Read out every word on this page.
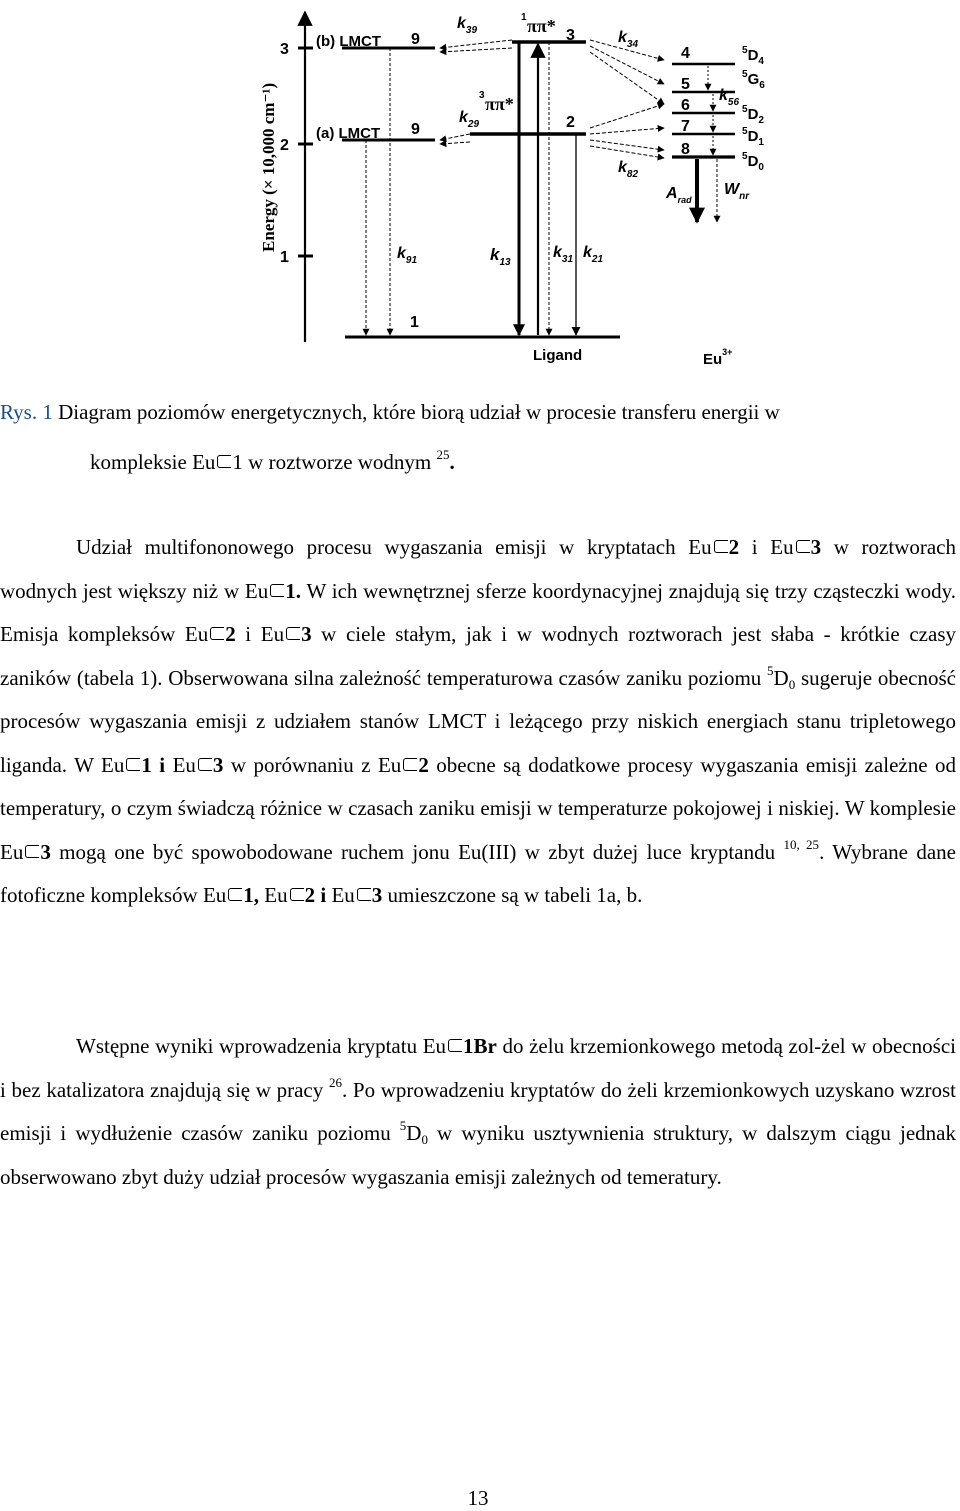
3
2
1
Energy (× 10,000 cm⁻¹)
(b) LMCT
(a) LMCT
9
9
1 ππ*
3 ππ*
3
2
1
Ligand
$k_{39}$
$k_{29}$
$k_{34}$
$k_{82}$
$k_{56}$
$k_{91}$	$k_{13}$
$k_{31}$ $k_{21}$
4
5
6
7
8
$^5D_4$
$^5G_6$
$^5D_2$
$^5D_1$
$^5D_0$
$A_{rad}$
$W_{nr}$
$Eu^{3+}$
Rys. 1 Diagram poziomów energetycznych, które biorą udział w procesie transferu energii w
kompleksie Eu 1 w roztworze wodnym $^{25}$.

Udział multifononowego procesu wygaszania emisji w kryptatach Eu 2 i Eu 3 w roztworach wodnych jest większy niż w Eu 1. W ich wewnętrznej sferze koordynacyjnej znajdują się trzy cząsteczki wody. Emisja kompleksów Eu 2 i Eu 3 w ciele stałym, jak i w wodnych roztworach jest słaba - krótkie czasy zaników (tabela 1). Obserwowana silna zależność temperaturowa czasów zaniku poziomu $^5D_0$ sugeruje obecność procesów wygaszania emisji z udziałem stanów LMCT i leżącego przy niskich energiach stanu tripletowego liganda. W Eu 1 i Eu 3 w porównaniu z Eu 2 obecne są dodatkowe procesy wygaszania emisji zależne od temperatury, o czym świadczą różnice w czasach zaniku emisji w temperaturze pokojowej i niskiej. W komplesie Eu 3 mogą one być spowobodowane ruchem jonu Eu(III) w zbyt dużej luce kryptandu $^{10, 25}$. Wybrane dane fotoficzne kompleksów Eu 1, Eu 2 i Eu 3 umieszczone są w tabeli 1a, b.

Wstępne wyniki wprowadzenia kryptatu Eu 1Br do żelu krzemionkowego metodą zol-żel w obecności i bez katalizatora znajdują się w pracy $^{26}$. Po wprowadzeniu kryptatów do żeli krzemionkowych uzyskano wzrost emisji i wydłużenie czasów zaniku poziomu $^5D_0$ w wyniku usztywnienia struktury, w dalszym ciągu jednak obserwowano zbyt duży udział procesów wygaszania emisji zależnych od temeratury.

13
